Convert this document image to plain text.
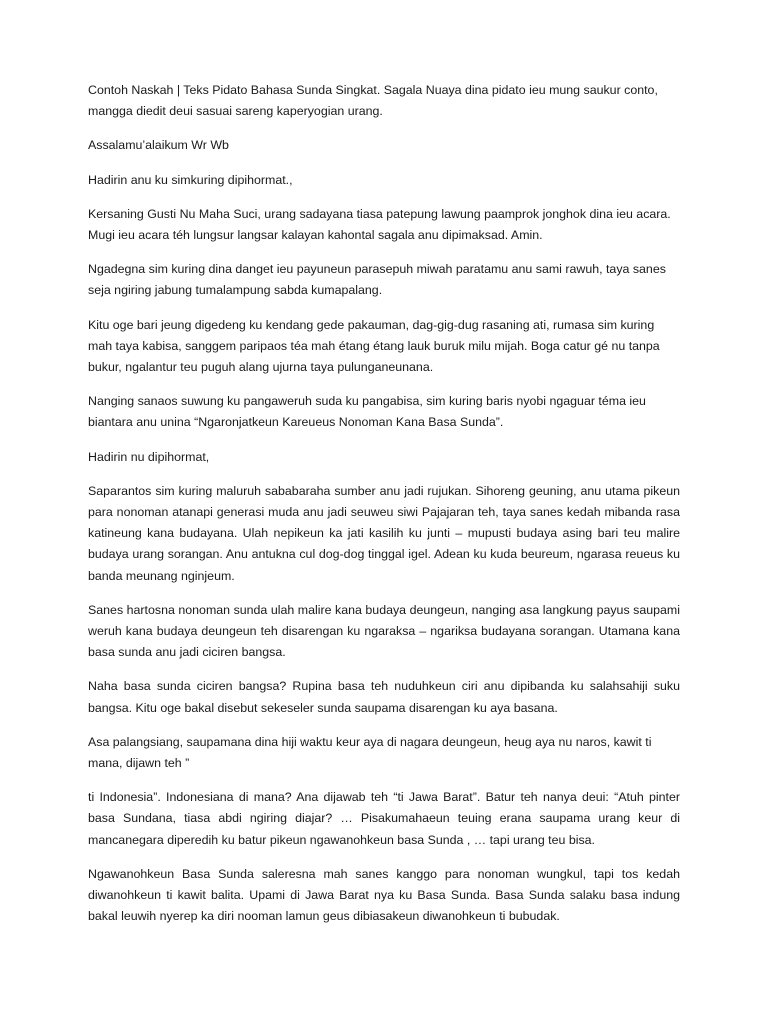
Contoh Naskah | Teks Pidato Bahasa Sunda Singkat. Sagala Nuaya dina pidato ieu mung saukur conto, mangga diedit deui sasuai sareng kaperyogian urang.

Assalamu’alaikum Wr Wb

Hadirin anu ku simkuring dipihormat.,

Kersaning Gusti Nu Maha Suci, urang sadayana tiasa patepung lawung paamprok jonghok dina ieu acara. Mugi ieu acara téh lungsur langsar kalayan kahontal sagala anu dipimaksad. Amin.

Ngadegna sim kuring dina danget ieu payuneun parasepuh miwah paratamu anu sami rawuh, taya sanes seja ngiring jabung tumalampung sabda kumapalang.

Kitu oge bari jeung digedeng ku kendang gede pakauman, dag-gig-dug rasaning ati, rumasa sim kuring mah taya kabisa, sanggem paripaos téa mah étang étang lauk buruk milu mijah. Boga catur gé nu tanpa bukur, ngalantur teu puguh alang ujurna taya pulunganeunana.

Nanging sanaos suwung ku pangaweruh suda ku pangabisa, sim kuring baris nyobi ngaguar téma ieu biantara anu unina “Ngaronjatkeun Kareueus Nonoman Kana Basa Sunda”.

Hadirin nu dipihormat,

Saparantos sim kuring maluruh sababaraha sumber anu jadi rujukan. Sihoreng geuning, anu utama pikeun para nonoman atanapi generasi muda anu jadi seuweu siwi Pajajaran teh, taya sanes kedah mibanda rasa katineung kana budayana. Ulah nepikeun ka jati kasilih ku junti – mupusti budaya asing bari teu malire budaya urang sorangan. Anu antukna cul dog-dog tinggal igel. Adean ku kuda beureum, ngarasa reueus ku banda meunang nginjeum.

Sanes hartosna nonoman sunda ulah malire kana budaya deungeun, nanging asa langkung payus saupami weruh kana budaya deungeun teh disarengan ku ngaraksa – ngariksa budayana sorangan. Utamana kana basa sunda anu jadi ciciren bangsa.

Naha basa sunda ciciren bangsa? Rupina basa teh nuduhkeun ciri anu dipibanda ku salahsahiji suku bangsa. Kitu oge bakal disebut sekeseler sunda saupama disarengan ku aya basana.

Asa palangsiang, saupamana dina hiji waktu keur aya di nagara deungeun, heug aya nu naros, kawit ti mana, dijawn teh ”

ti Indonesia”. Indonesiana di mana? Ana dijawab teh “ti Jawa Barat”. Batur teh nanya deui: “Atuh pinter basa Sundana, tiasa abdi ngiring diajar? … Pisakumahaeun teuing erana saupama urang keur di mancanegara diperedih ku batur pikeun ngawanohkeun basa Sunda , … tapi urang teu bisa.

Ngawanohkeun Basa Sunda saleresna mah sanes kanggo para nonoman wungkul, tapi tos kedah diwanohkeun ti kawit balita. Upami di Jawa Barat nya ku Basa Sunda. Basa Sunda salaku basa indung bakal leuwih nyerep ka diri nooman lamun geus dibiasakeun diwanohkeun ti bubudak.
